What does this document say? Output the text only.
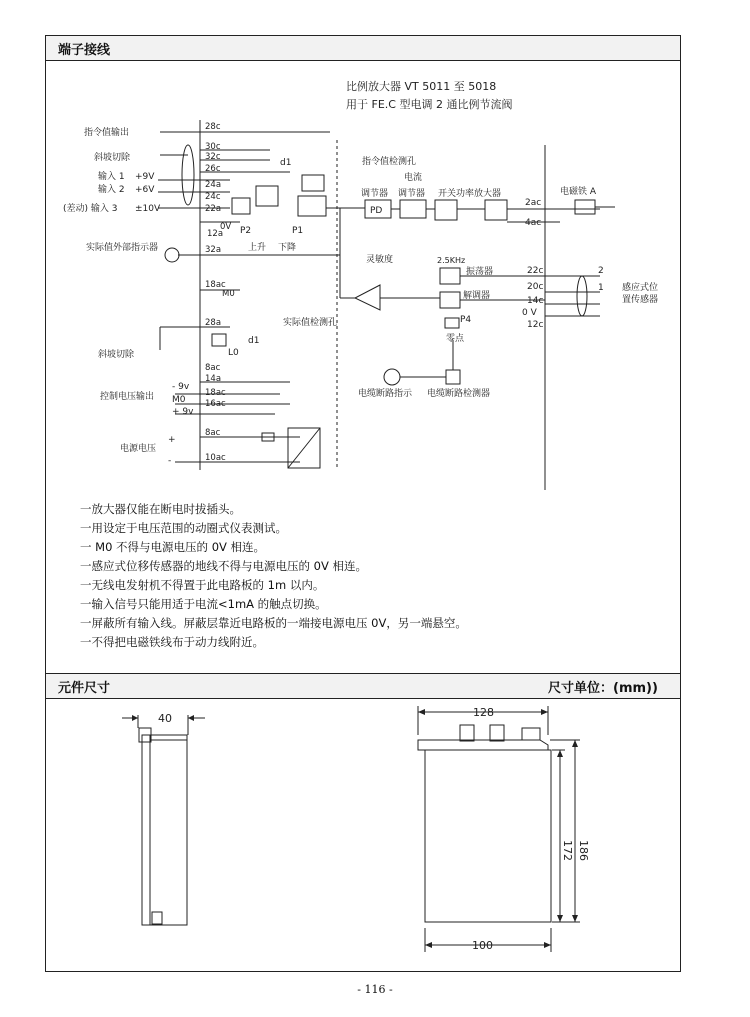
端子接线
元件尺寸	尺寸单位：(mm))
比例放大器 VT 5011 至 5018
用于 FE.C 型电调 2 通比例节流阀
指令值输出
斜坡切除
输入 1 +9V
输入 2 +6V
(差动) 输入 3 ±10V
实际值外部指示器
斜坡切除
控制电压输出
- 9v
M0
+ 9v
电源电压
28c
30c
32c
26c
24a
24c
22a
0V
12a
32a
18ac
M0
28a
8ac
14a
18ac
16ac
8ac
10ac
d1
P2	P1
上升 下降
指令值检测孔
调节器
PD
电流
调节器 开关功率放大器
灵敏度
实际值检测孔
2.5KHz
振荡器
解调器
P4
零点
L0
d1
电缆断路指示 电缆断路检测器
+
-
电磁铁 A
2ac
4ac
22c
20c
14c
0 V
12c
2
1 感应式位
置传感器
一放大器仅能在断电时拔插头。
一用设定于电压范围的动圈式仪表测试。
一 M0 不得与电源电压的 0V 相连。
一感应式位移传感器的地线不得与电源电压的 0V 相连。
一无线电发射机不得置于此电路板的 1m 以内。
一输入信号只能用适于电流<1mA 的触点切换。
一屏蔽所有输入线。屏蔽层靠近电路板的一端接电源电压 0V，另一端悬空。
一不得把电磁铁线布于动力线附近。
40	128
100
172 186
- 116 -
